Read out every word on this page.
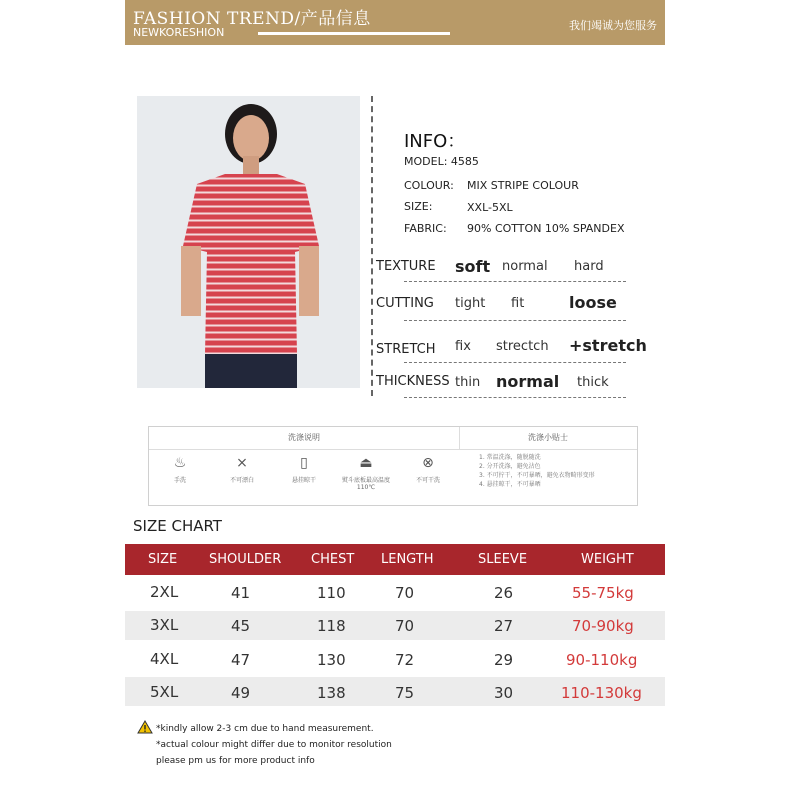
FASHION TREND/产品信息
NEWKORESHION
我们竭诚为您服务
INFO：
MODEL: 4585
COLOUR: MIX STRIPE COLOUR
SIZE:	XXL-5XL
FABRIC: 90% COTTON 10% SPANDEX
TEXTURE soft normal hard
CUTTING tight fit	loose
STRETCH fix strectch +stretch
THICKNESS thin normal thick
洗涤说明	洗涤小贴士
♨
手洗
⨯
不可漂白
▯
悬挂晾干
⏏
熨斗底板最高温度110℃
⊗
不可干洗
1. 常温洗涤，随脱随洗
2. 分开洗涤，避免沾色
3. 不可拧干，不可暴晒，避免衣物畸形变形
4. 悬挂晾干，不可暴晒
SIZE CHART
SIZE SHOULDER CHEST LENGTH	SLEEVE	WEIGHT
2XL	41	110	70	26	55-75kg
3XL	45	118	70	27	70-90kg
4XL	47	130	72	29	90-110kg
5XL	49	138	75	30	110-130kg
*kindly allow 2-3 cm due to hand measurement.
*actual colour might differ due to monitor resolution
please pm us for more product info
